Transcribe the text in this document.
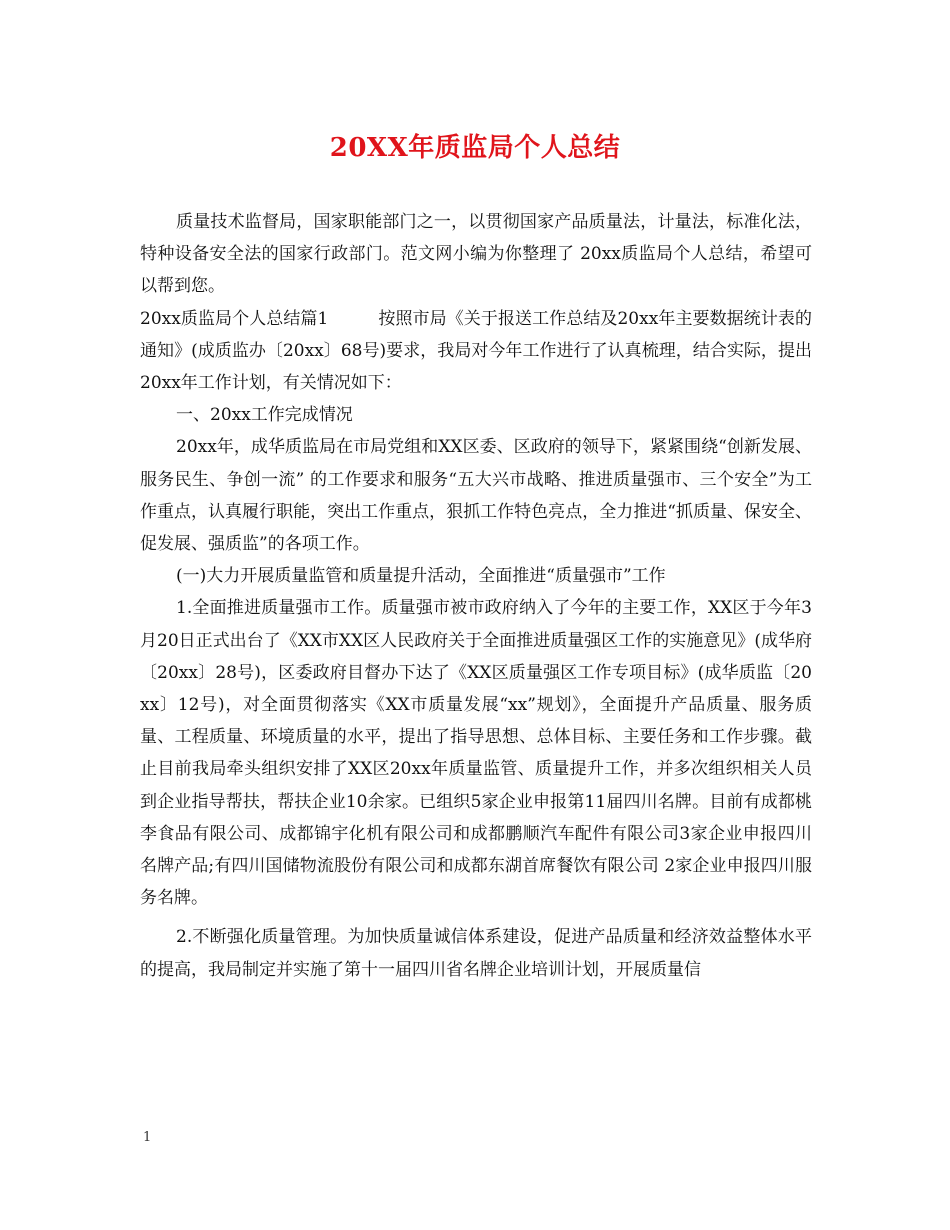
20XX年质监局个人总结

质量技术监督局，国家职能部门之一，以贯彻国家产品质量法，计量法，标准化法，特种设备安全法的国家行政部门。范文网小编为你整理了 20xx质监局个人总结，希望可以帮到您。

20xx质监局个人总结篇1	按照市局《关于报送工作总结及20xx年主要数据统计表的通知》(成质监办〔20xx〕68号)要求，我局对今年工作进行了认真梳理，结合实际，提出20xx年工作计划，有关情况如下：

一、20xx工作完成情况

20xx年，成华质监局在市局党组和XX区委、区政府的领导下，紧紧围绕“创新发展、服务民生、争创一流” 的工作要求和服务“五大兴市战略、推进质量强市、三个安全”为工作重点，认真履行职能，突出工作重点，狠抓工作特色亮点，全力推进“抓质量、保安全、促发展、强质监”的各项工作。

(一)大力开展质量监管和质量提升活动，全面推进“质量强市”工作

1.全面推进质量强市工作。质量强市被市政府纳入了今年的主要工作，XX区于今年3月20日正式出台了《XX市XX区人民政府关于全面推进质量强区工作的实施意见》(成华府〔20xx〕28号)，区委政府目督办下达了《XX区质量强区工作专项目标》(成华质监〔20xx〕12号)，对全面贯彻落实《XX市质量发展“xx”规划》，全面提升产品质量、服务质量、工程质量、环境质量的水平，提出了指导思想、总体目标、主要任务和工作步骤。截止目前我局牵头组织安排了XX区20xx年质量监管、质量提升工作，并多次组织相关人员到企业指导帮扶，帮扶企业10余家。已组织5家企业申报第11届四川名牌。目前有成都桃李食品有限公司、成都锦宇化机有限公司和成都鹏顺汽车配件有限公司3家企业申报四川名牌产品;有四川国储物流股份有限公司和成都东湖首席餐饮有限公司 2家企业申报四川服务名牌。

2.不断强化质量管理。为加快质量诚信体系建设，促进产品质量和经济效益整体水平的提高，我局制定并实施了第十一届四川省名牌企业培训计划，开展质量信

1
